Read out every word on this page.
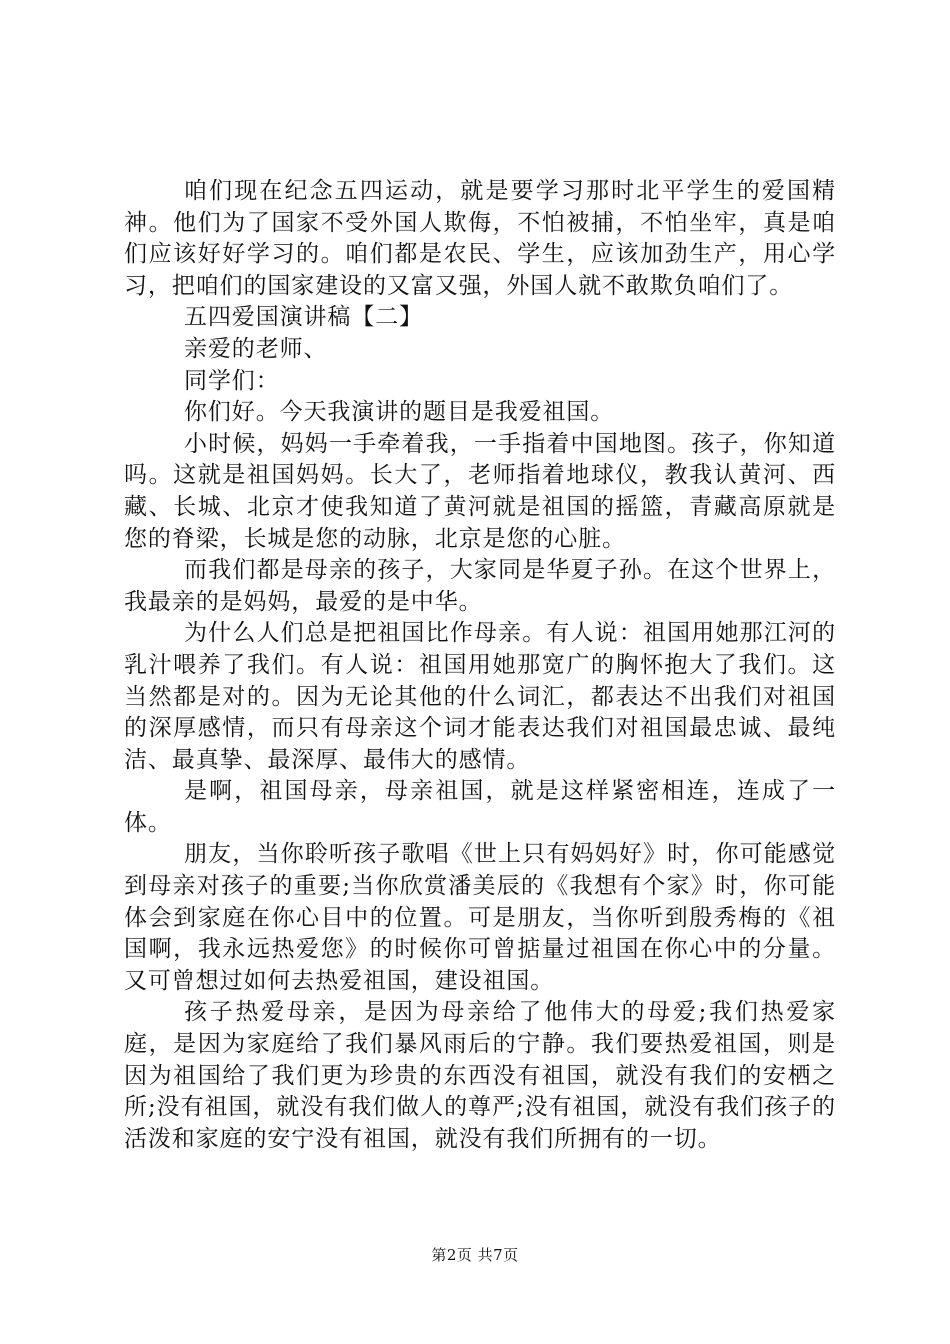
咱们现在纪念五四运动，就是要学习那时北平学生的爱国精神。他们为了国家不受外国人欺侮，不怕被捕，不怕坐牢，真是咱们应该好好学习的。咱们都是农民、学生，应该加劲生产，用心学习，把咱们的国家建设的又富又强，外国人就不敢欺负咱们了。

五四爱国演讲稿【二】

亲爱的老师、

同学们：

你们好。今天我演讲的题目是我爱祖国。

小时候，妈妈一手牵着我，一手指着中国地图。孩子，你知道吗。这就是祖国妈妈。长大了，老师指着地球仪，教我认黄河、西藏、长城、北京才使我知道了黄河就是祖国的摇篮，青藏高原就是您的脊梁，长城是您的动脉，北京是您的心脏。

而我们都是母亲的孩子，大家同是华夏子孙。在这个世界上，我最亲的是妈妈，最爱的是中华。

为什么人们总是把祖国比作母亲。有人说：祖国用她那江河的乳汁喂养了我们。有人说：祖国用她那宽广的胸怀抱大了我们。这当然都是对的。因为无论其他的什么词汇，都表达不出我们对祖国的深厚感情，而只有母亲这个词才能表达我们对祖国最忠诚、最纯洁、最真挚、最深厚、最伟大的感情。

是啊，祖国母亲，母亲祖国，就是这样紧密相连，连成了一体。

朋友，当你聆听孩子歌唱《世上只有妈妈好》时，你可能感觉到母亲对孩子的重要;当你欣赏潘美辰的《我想有个家》时，你可能体会到家庭在你心目中的位置。可是朋友，当你听到殷秀梅的《祖国啊，我永远热爱您》的时候你可曾掂量过祖国在你心中的分量。又可曾想过如何去热爱祖国，建设祖国。

孩子热爱母亲，是因为母亲给了他伟大的母爱;我们热爱家庭，是因为家庭给了我们暴风雨后的宁静。我们要热爱祖国，则是因为祖国给了我们更为珍贵的东西没有祖国，就没有我们的安栖之所;没有祖国，就没有我们做人的尊严;没有祖国，就没有我们孩子的活泼和家庭的安宁没有祖国，就没有我们所拥有的一切。

第2页 共7页
